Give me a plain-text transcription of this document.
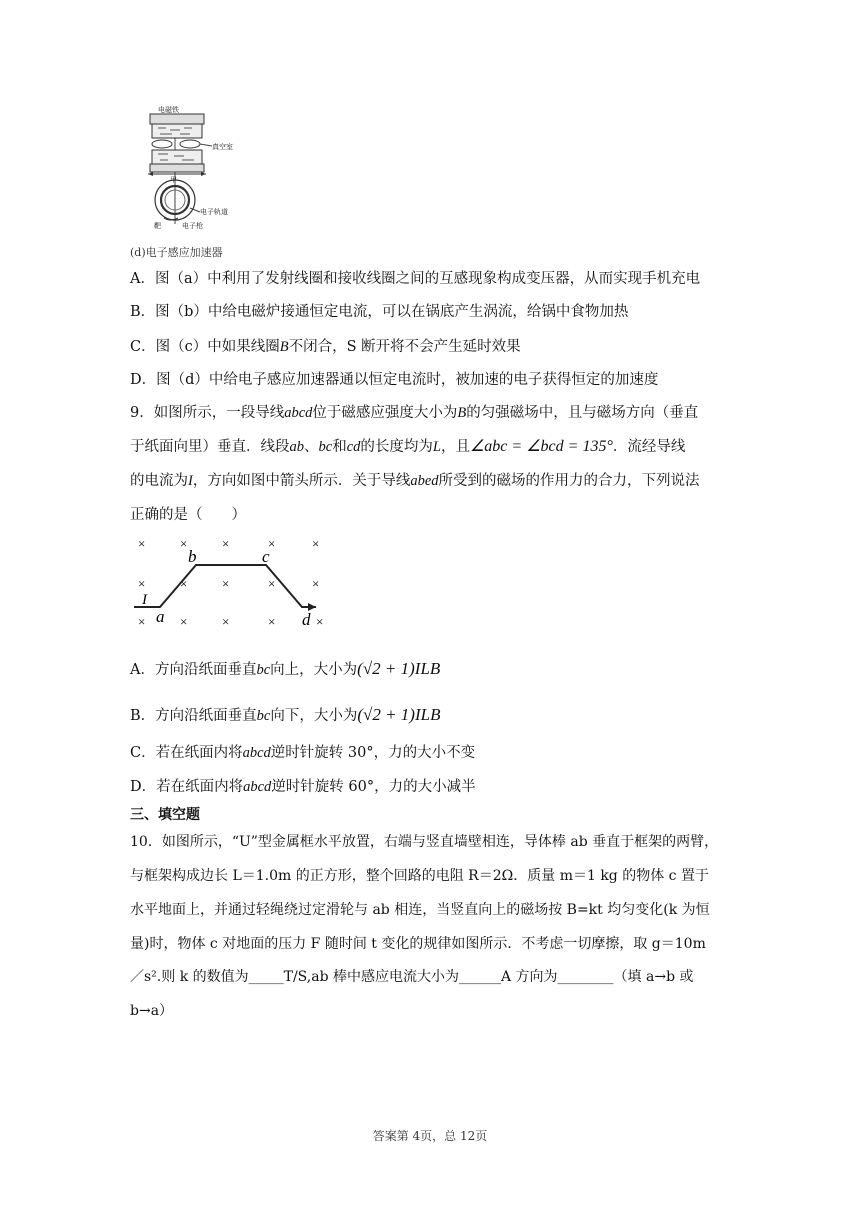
电磁铁
真空室
甲
电子轨道
靶	电子枪
(d)电子感应加速器
A．图（a）中利用了发射线圈和接收线圈之间的互感现象构成变压器，从而实现手机充电
B．图（b）中给电磁炉接通恒定电流，可以在锅底产生涡流，给锅中食物加热
C．图（c）中如果线圈B不闭合，S 断开将不会产生延时效果
D．图（d）中给电子感应加速器通以恒定电流时，被加速的电子获得恒定的加速度
9．如图所示，一段导线abcd位于磁感应强度大小为B的匀强磁场中，且与磁场方向（垂直
于纸面向里）垂直．线段ab、bc和cd的长度均为L，且∠abc = ∠bcd = 135°．流经导线
的电流为I，方向如图中箭头所示．关于导线abed所受到的磁场的作用力的合力，下列说法
正确的是（　　）
×	×	×	×	×
×	×	×	×	×
×	×	×	×	×
I
a
b	c
d
A．方向沿纸面垂直bc向上，大小为(√2 + 1)ILB
B．方向沿纸面垂直bc向下，大小为(√2 + 1)ILB
C．若在纸面内将abcd逆时针旋转 30°，力的大小不变
D．若在纸面内将abcd逆时针旋转 60°，力的大小减半
三、填空题
10．如图所示，“U”型金属框水平放置，右端与竖直墙壁相连，导体棒 ab 垂直于框架的两臂，
与框架构成边长 L＝1.0m 的正方形，整个回路的电阻 R＝2Ω．质量 m＝1 kg 的物体 c 置于
水平地面上，并通过轻绳绕过定滑轮与 ab 相连，当竖直向上的磁场按 B=kt 均匀变化(k 为恒
量)时，物体 c 对地面的压力 F 随时间 t 变化的规律如图所示．不考虑一切摩擦，取 g＝10m
／s².则 k 的数值为_____T/S,ab 棒中感应电流大小为______A 方向为________（填 a→b 或
b→a）
答案第 4页，总 12页
